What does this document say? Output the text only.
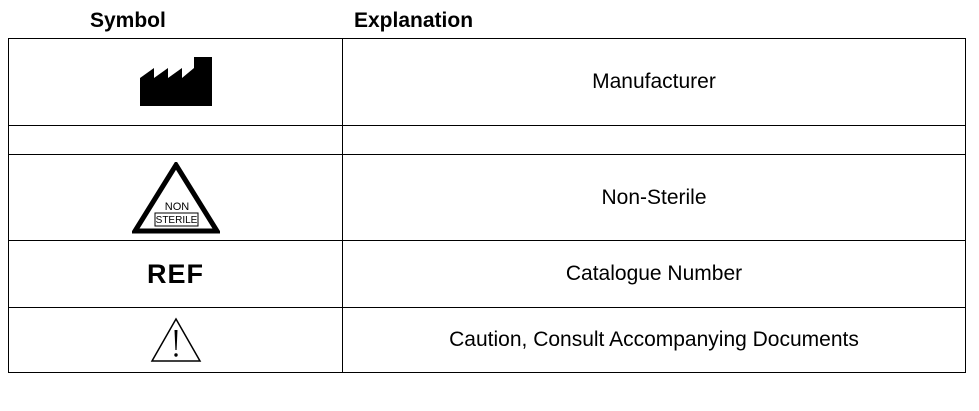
Symbol	Explanation
	Manufacturer

NON
STERILE	Non-Sterile
REF	Catalogue Number
	Caution, Consult Accompanying Documents
